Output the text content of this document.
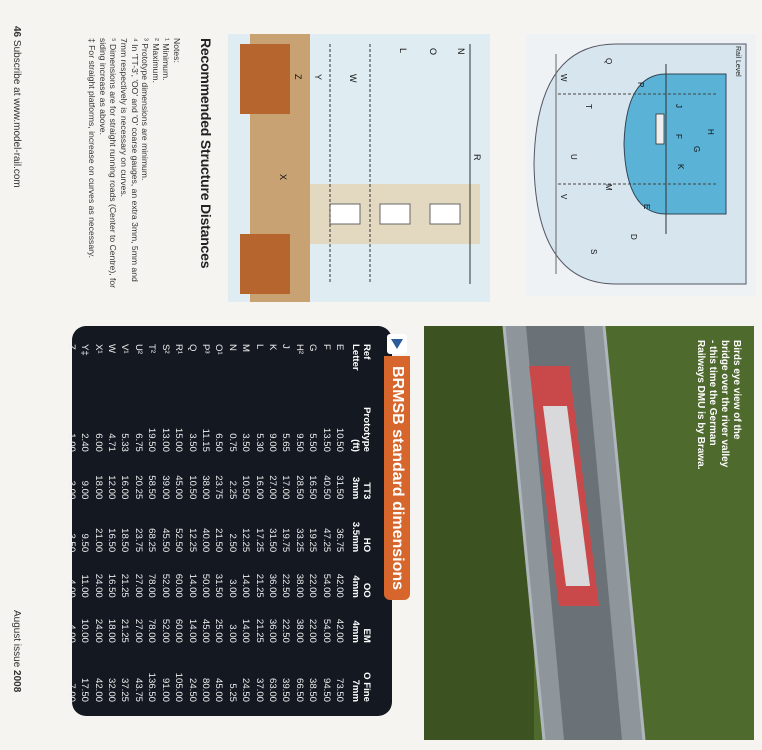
Rail Level
H
G
J
F
K
P
E
D
Q
M
S
T
U
V
W
R
N
O
L
W
Y
Z
X
Recommended Structure Distances
Notes:
¹ Minimum.
² Maximum.
³ Prototype dimensions are minimum.
⁴ In 'TT-3', 'OO' and 'O' coarse gauges, an extra 3mm, 5mm and 7mm respectively is necessary on curves.
⁵ Dimensions are for straight running roads (Center to Centre), for siding increase as above.
‡ For straight platforms, increase on curves as necessary.
Birds eye view of the bridge over the river valley - this time the German Railways DMU is by Brawa.
BRMSB standard dimensions
Ref Letter	Prototype (ft)	TT3 3mm	HO 3.5mm	OO 4mm	EM 4mm	O Fine 7mm
E	10.50	31.50	36.75	42.00	42.00	73.50
F	13.50	40.50	47.25	54.00	54.00	94.50
G	5.50	16.50	19.25	22.00	22.00	38.50
H²	9.50	28.50	33.25	38.00	38.00	66.50
J	5.65	17.00	19.75	22.50	22.50	39.50
K	9.00	27.00	31.50	36.00	36.00	63.00
L	5.30	16.00	17.25	21.25	21.25	37.00
M	3.50	10.50	12.25	14.00	14.00	24.50
N	0.75	2.25	2.50	3.00	3.00	5.25
O¹	6.50	23.75	21.50	31.50	25.00	45.00
P³	11.15	38.00	40.00	50.00	45.00	80.00
Q	3.50	10.50	12.25	14.00	14.00	24.50
R¹	15.00	45.00	52.50	60.00	60.00	105.00
S²	13.00	39.00	45.50	52.00	52.00	91.00
T²	19.50	58.50	68.25	78.00	78.00	136.50
U²	6.75	20.25	23.75	27.00	27.00	43.75
V¹	5.33	16.00	18.50	21.25	21.25	37.25
W	4.71	12.00	16.50	16.50	18.00	32.00
X¹	6.00	18.00	21.00	24.00	24.00	42.00
Y‡	2.40	9.00	9.50	11.00	10.00	17.50
Z	1.00	3.00	3.50	4.00	4.00	7.00
46 Subscribe at www.model-rail.com
August issue 2008
